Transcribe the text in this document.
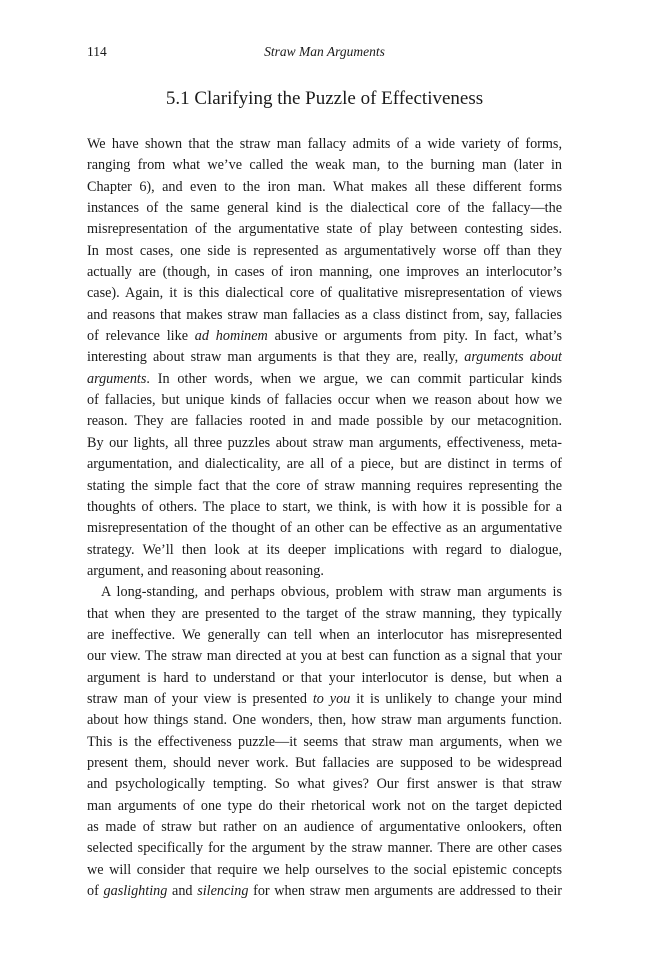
114	Straw Man Arguments
5.1 Clarifying the Puzzle of Effectiveness
We have shown that the straw man fallacy admits of a wide variety of forms,
ranging from what we’ve called the weak man, to the burning man (later in
Chapter 6), and even to the iron man. What makes all these different forms
instances of the same general kind is the dialectical core of the fallacy—the
misrepresentation of the argumentative state of play between contesting sides.
In most cases, one side is represented as argumentatively worse off than they
actually are (though, in cases of iron manning, one improves an interlocutor’s
case). Again, it is this dialectical core of qualitative misrepresentation of views
and reasons that makes straw man fallacies as a class distinct from, say, fallacies
of relevance like ad hominem abusive or arguments from pity. In fact, what’s
interesting about straw man arguments is that they are, really, arguments about
arguments. In other words, when we argue, we can commit particular kinds
of fallacies, but unique kinds of fallacies occur when we reason about how we
reason. They are fallacies rooted in and made possible by our metacognition.
By our lights, all three puzzles about straw man arguments, effectiveness, meta-
argumentation, and dialecticality, are all of a piece, but are distinct in terms of
stating the simple fact that the core of straw manning requires representing the
thoughts of others. The place to start, we think, is with how it is possible for a
misrepresentation of the thought of an other can be effective as an argumentative
strategy. We’ll then look at its deeper implications with regard to dialogue,
argument, and reasoning about reasoning.
A long-standing, and perhaps obvious, problem with straw man arguments is
that when they are presented to the target of the straw manning, they typically
are ineffective. We generally can tell when an interlocutor has misrepresented
our view. The straw man directed at you at best can function as a signal that your
argument is hard to understand or that your interlocutor is dense, but when a
straw man of your view is presented to you it is unlikely to change your mind
about how things stand. One wonders, then, how straw man arguments function.
This is the effectiveness puzzle—it seems that straw man arguments, when we
present them, should never work. But fallacies are supposed to be widespread
and psychologically tempting. So what gives? Our first answer is that straw
man arguments of one type do their rhetorical work not on the target depicted
as made of straw but rather on an audience of argumentative onlookers, often
selected specifically for the argument by the straw manner. There are other cases
we will consider that require we help ourselves to the social epistemic concepts
of gaslighting and silencing for when straw men arguments are addressed to their
